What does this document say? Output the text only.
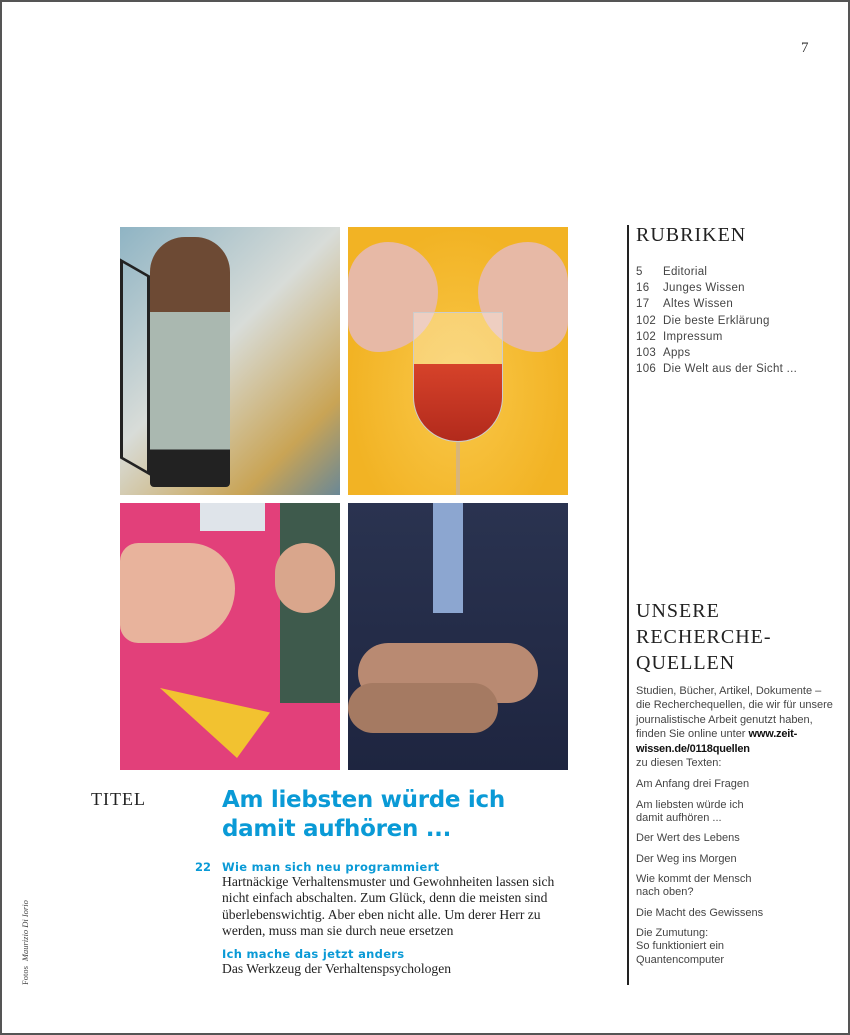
7
RUBRIKEN
5 Editorial
16 Junges Wissen
17 Altes Wissen
102 Die beste Erklärung
102 Impressum
103 Apps
106 Die Welt aus der Sicht ...
UNSERE
RECHERCHE-
QUELLEN
Studien, Bücher, Artikel, Dokumente – die Recherchequellen, die wir für unsere journalistische Arbeit genutzt haben, finden Sie online unter www.zeit-wissen.de/0118quellen
zu diesen Texten:
Am Anfang drei Fragen
Am liebsten würde ich
damit aufhören ...
Der Wert des Lebens
Der Weg ins Morgen
Wie kommt der Mensch
nach oben?
Die Macht des Gewissens
Die Zumutung:
So funktioniert ein
Quantencomputer
TITEL	Am liebsten würde ich
damit aufhören ...
22 Wie man sich neu programmiert
Hartnäckige Verhaltensmuster und Gewohnheiten lassen sich nicht einfach abschalten. Zum Glück, denn die meisten sind überlebenswichtig. Aber eben nicht alle. Um derer Herr zu werden, muss man sie durch neue ersetzen
Ich mache das jetzt anders
Das Werkzeug der Verhaltenspsychologen
FotosMaurizio Di Iorio
